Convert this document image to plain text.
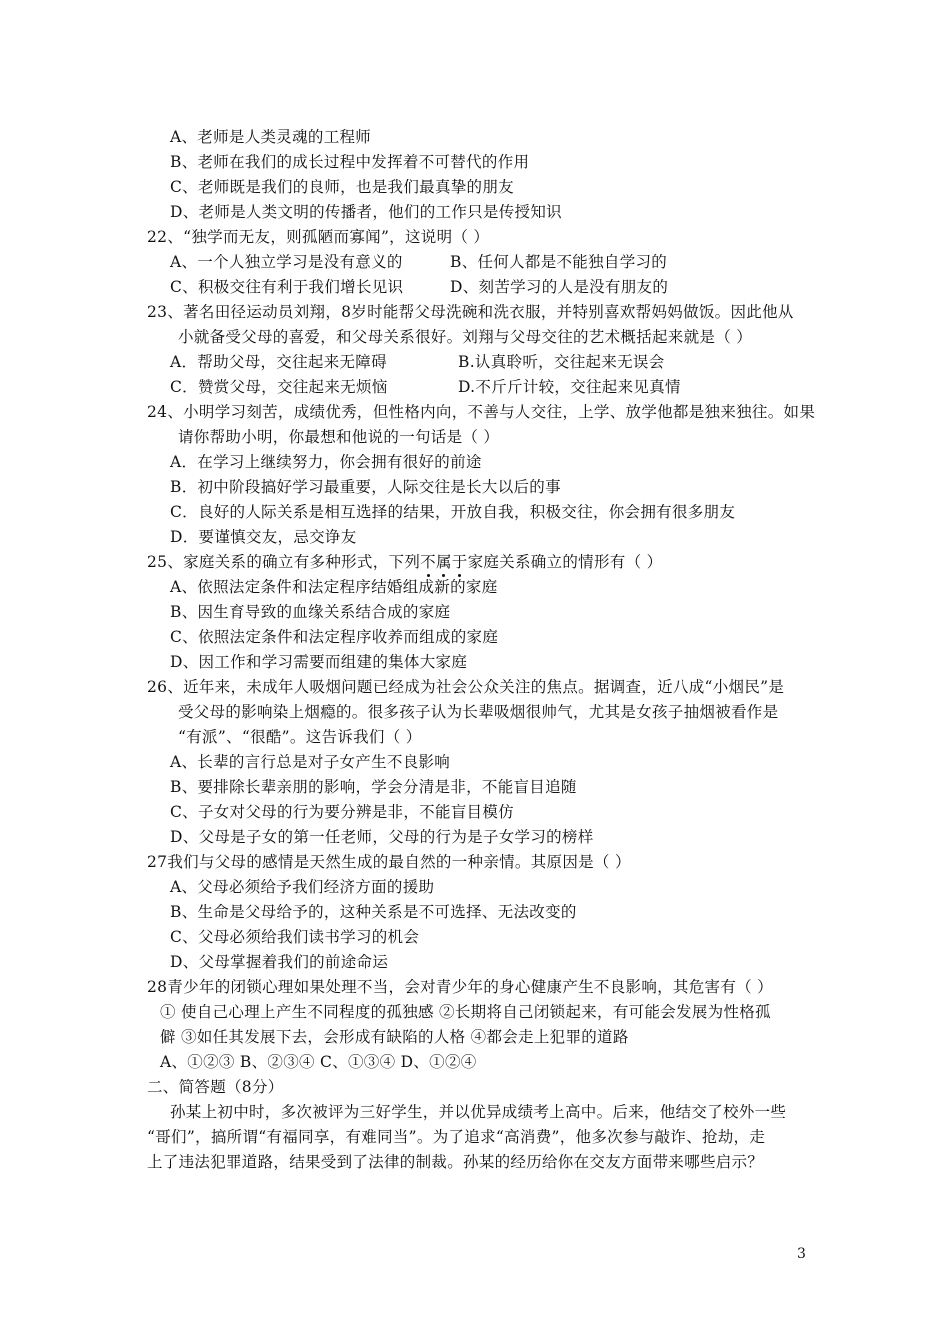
A、老师是人类灵魂的工程师
B、老师在我们的成长过程中发挥着不可替代的作用
C、老师既是我们的良师，也是我们最真挚的朋友
D、老师是人类文明的传播者，他们的工作只是传授知识
22、“独学而无友，则孤陋而寡闻”，这说明（ ）
A、一个人独立学习是没有意义的	B、任何人都是不能独自学习的
C、积极交往有利于我们增长见识	D、刻苦学习的人是没有朋友的
23、著名田径运动员刘翔，8岁时能帮父母洗碗和洗衣服，并特别喜欢帮妈妈做饭。因此他从
小就备受父母的喜爱，和父母关系很好。刘翔与父母交往的艺术概括起来就是（ ）
A．帮助父母，交往起来无障碍	B.认真聆听，交往起来无误会
C．赞赏父母，交往起来无烦恼	D.不斤斤计较，交往起来见真情
24、小明学习刻苦，成绩优秀，但性格内向，不善与人交往，上学、放学他都是独来独往。如果
请你帮助小明，你最想和他说的一句话是（ ）
A．在学习上继续努力，你会拥有很好的前途
B．初中阶段搞好学习最重要，人际交往是长大以后的事
C．良好的人际关系是相互选择的结果，开放自我，积极交往，你会拥有很多朋友
D．要谨慎交友，忌交诤友
25、家庭关系的确立有多种形式，下列不属于家庭关系确立的情形有（ ）
A、依照法定条件和法定程序结婚组成新的家庭
B、因生育导致的血缘关系结合成的家庭
C、依照法定条件和法定程序收养而组成的家庭
D、因工作和学习需要而组建的集体大家庭
26、近年来，未成年人吸烟问题已经成为社会公众关注的焦点。据调查，近八成“小烟民”是
受父母的影响染上烟瘾的。很多孩子认为长辈吸烟很帅气，尤其是女孩子抽烟被看作是
“有派”、“很酷”。这告诉我们（ ）
A、长辈的言行总是对子女产生不良影响
B、要排除长辈亲朋的影响，学会分清是非，不能盲目追随
C、子女对父母的行为要分辨是非，不能盲目模仿
D、父母是子女的第一任老师，父母的行为是子女学习的榜样
27我们与父母的感情是天然生成的最自然的一种亲情。其原因是（ ）
A、父母必须给予我们经济方面的援助
B、生命是父母给予的，这种关系是不可选择、无法改变的
C、父母必须给我们读书学习的机会
D、父母掌握着我们的前途命运
28青少年的闭锁心理如果处理不当，会对青少年的身心健康产生不良影响，其危害有（ ）
① 使自己心理上产生不同程度的孤独感 ②长期将自己闭锁起来，有可能会发展为性格孤
僻 ③如任其发展下去，会形成有缺陷的人格 ④都会走上犯罪的道路
A、①②③ B、②③④ C、①③④ D、①②④
二、简答题（8分）
孙某上初中时，多次被评为三好学生，并以优异成绩考上高中。后来，他结交了校外一些
“哥们”，搞所谓“有福同享，有难同当”。为了追求“高消费”，他多次参与敲诈、抢劫，走
上了违法犯罪道路，结果受到了法律的制裁。孙某的经历给你在交友方面带来哪些启示？
3
